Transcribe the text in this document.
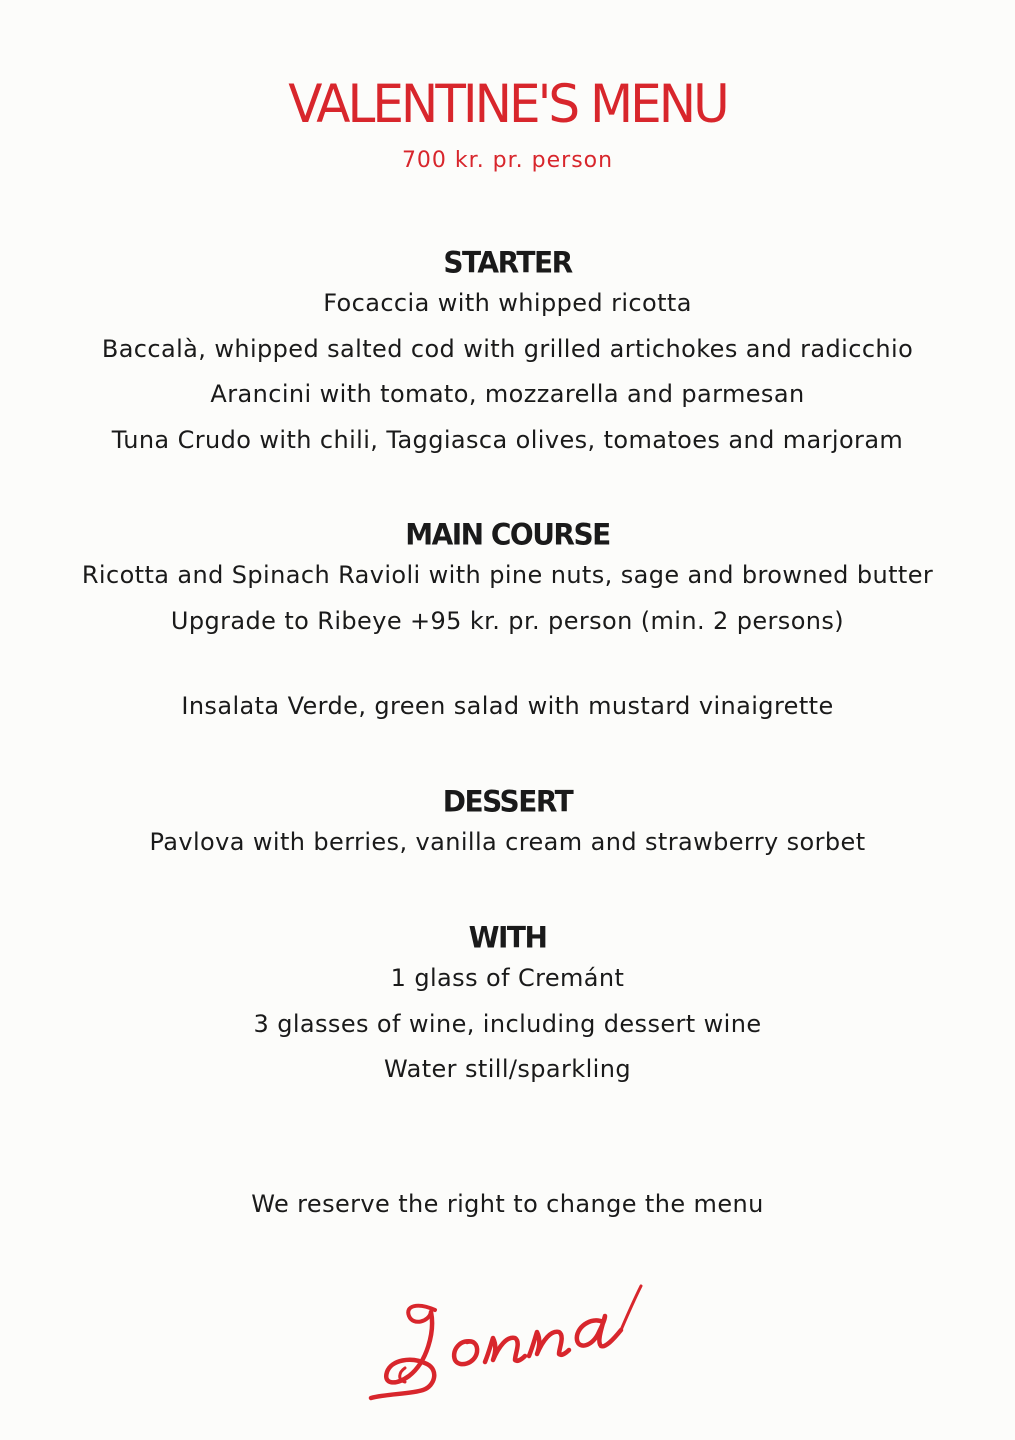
VALENTINE'S MENU
700 kr. pr. person
STARTER

Focaccia with whipped ricotta

Baccalà, whipped salted cod with grilled artichokes and radicchio

Arancini with tomato, mozzarella and parmesan

Tuna Crudo with chili, Taggiasca olives, tomatoes and marjoram

MAIN COURSE

Ricotta and Spinach Ravioli with pine nuts, sage and browned butter

Upgrade to Ribeye +95 kr. pr. person (min. 2 persons)

Insalata Verde, green salad with mustard vinaigrette

DESSERT

Pavlova with berries, vanilla cream and strawberry sorbet

WITH

1 glass of Cremánt

3 glasses of wine, including dessert wine

Water still/sparkling

We reserve the right to change the menu
